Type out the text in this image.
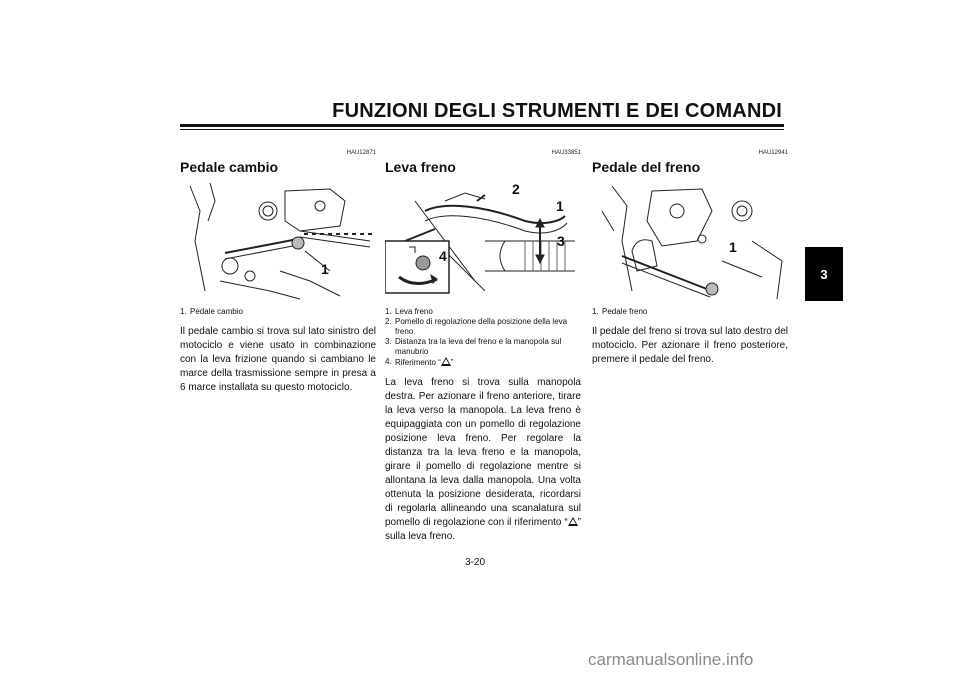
FUNZIONI DEGLI STRUMENTI E DEI COMANDI
3
HAU12871
Pedale cambio
1
1. Pedale cambio
Il pedale cambio si trova sul lato sinistro del motociclo e viene usato in combinazione con la leva frizione quando si cambiano le marce della trasmissione sempre in presa a 6 marce installata su questo motociclo.
HAU33851
Leva freno
2
1
3
4
1. Leva freno
2. Pomello di regolazione della posizione della leva freno
3. Distanza tra la leva del freno e la manopola sul manubrio
4. Riferimento “ ”
La leva freno si trova sulla manopola destra. Per azionare il freno anteriore, tirare la leva verso la manopola. La leva freno è equipaggiata con un pomello di regolazione posizione leva freno. Per regolare la distanza tra la leva freno e la manopola, girare il pomello di regolazione mentre si allontana la leva dalla manopola. Una volta ottenuta la posizione desiderata, ricordarsi di regolarla allineando una scanalatura sul pomello di regolazione con il riferimento “ ” sulla leva freno.
HAU12941
Pedale del freno
1
1. Pedale freno
Il pedale del freno si trova sul lato destro del motociclo. Per azionare il freno posteriore, premere il pedale del freno.
3-20
carmanualsonline.info
